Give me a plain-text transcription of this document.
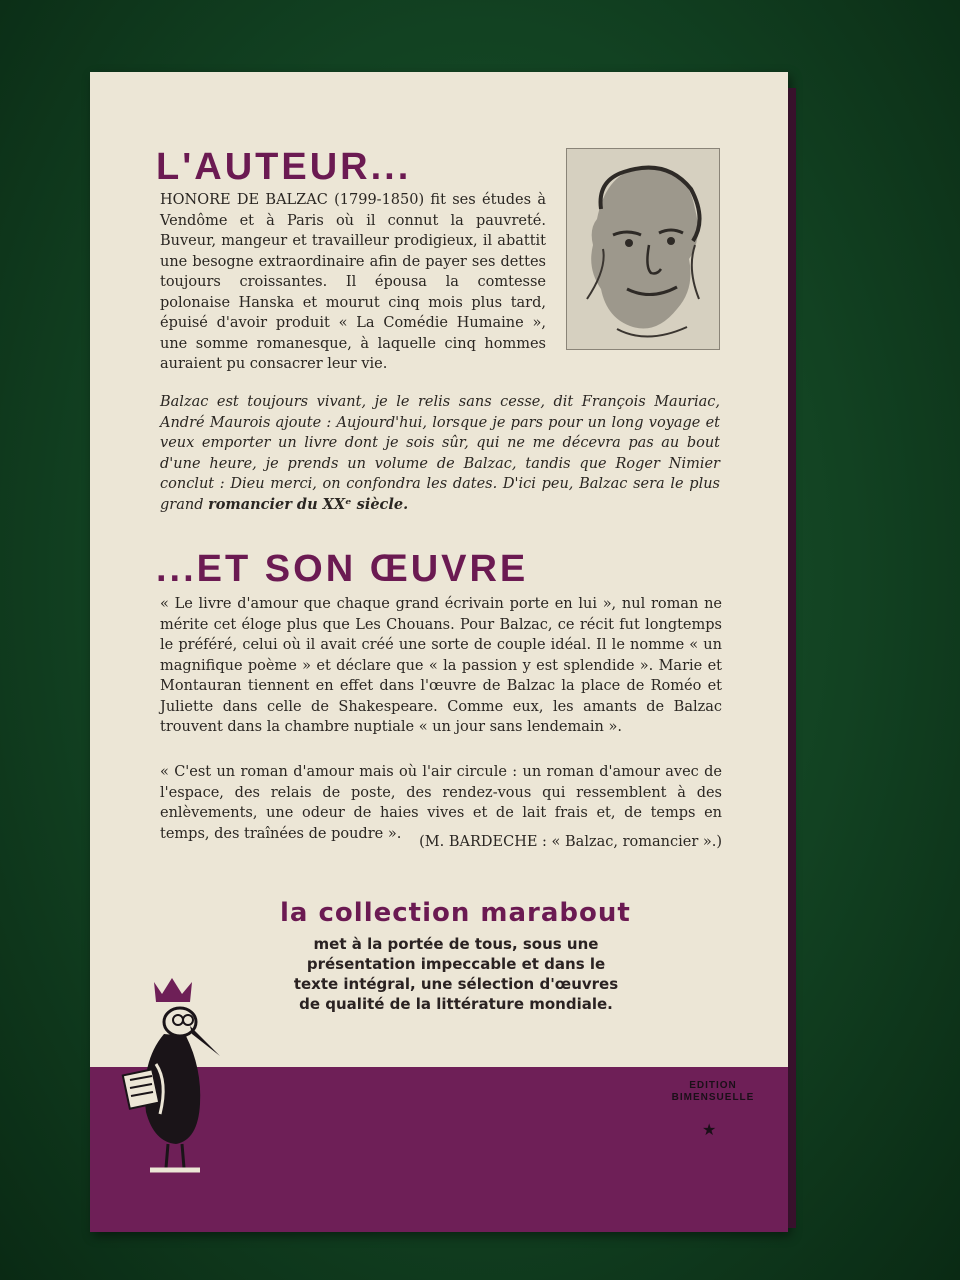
L'AUTEUR...

HONORE DE BALZAC (1799-1850) fit ses études à Vendôme et à Paris où il connut la pauvreté. Buveur, mangeur et travailleur prodigieux, il abattit une besogne extraordinaire afin de payer ses dettes toujours croissantes. Il épousa la comtesse polonaise Hanska et mourut cinq mois plus tard, épuisé d'avoir produit « La Comédie Humaine », une somme romanesque, à laquelle cinq hommes auraient pu consacrer leur vie.

Balzac est toujours vivant, je le relis sans cesse, dit François Mauriac, André Maurois ajoute : Aujourd'hui, lorsque je pars pour un long voyage et veux emporter un livre dont je sois sûr, qui ne me décevra pas au bout d'une heure, je prends un volume de Balzac, tandis que Roger Nimier conclut : Dieu merci, on confondra les dates. D'ici peu, Balzac sera le plus grand romancier du XXᵉ siècle.

...ET SON ŒUVRE

« Le livre d'amour que chaque grand écrivain porte en lui », nul roman ne mérite cet éloge plus que Les Chouans. Pour Balzac, ce récit fut longtemps le préféré, celui où il avait créé une sorte de couple idéal. Il le nomme « un magnifique poème » et déclare que « la passion y est splendide ». Marie et Montauran tiennent en effet dans l'œuvre de Balzac la place de Roméo et Juliette dans celle de Shakespeare. Comme eux, les amants de Balzac trouvent dans la chambre nuptiale « un jour sans lendemain ».

« C'est un roman d'amour mais où l'air circule : un roman d'amour avec de l'espace, des relais de poste, des rendez-vous qui ressemblent à des enlèvements, une odeur de haies vives et de lait frais et, de temps en temps, des traînées de poudre ».

(M. BARDECHE : « Balzac, romancier ».)

la collection marabout

met à la portée de tous, sous une présentation impeccable et dans le texte intégral, une sélection d'œuvres de qualité de la littérature mondiale.

EDITION BIMENSUELLE

★
